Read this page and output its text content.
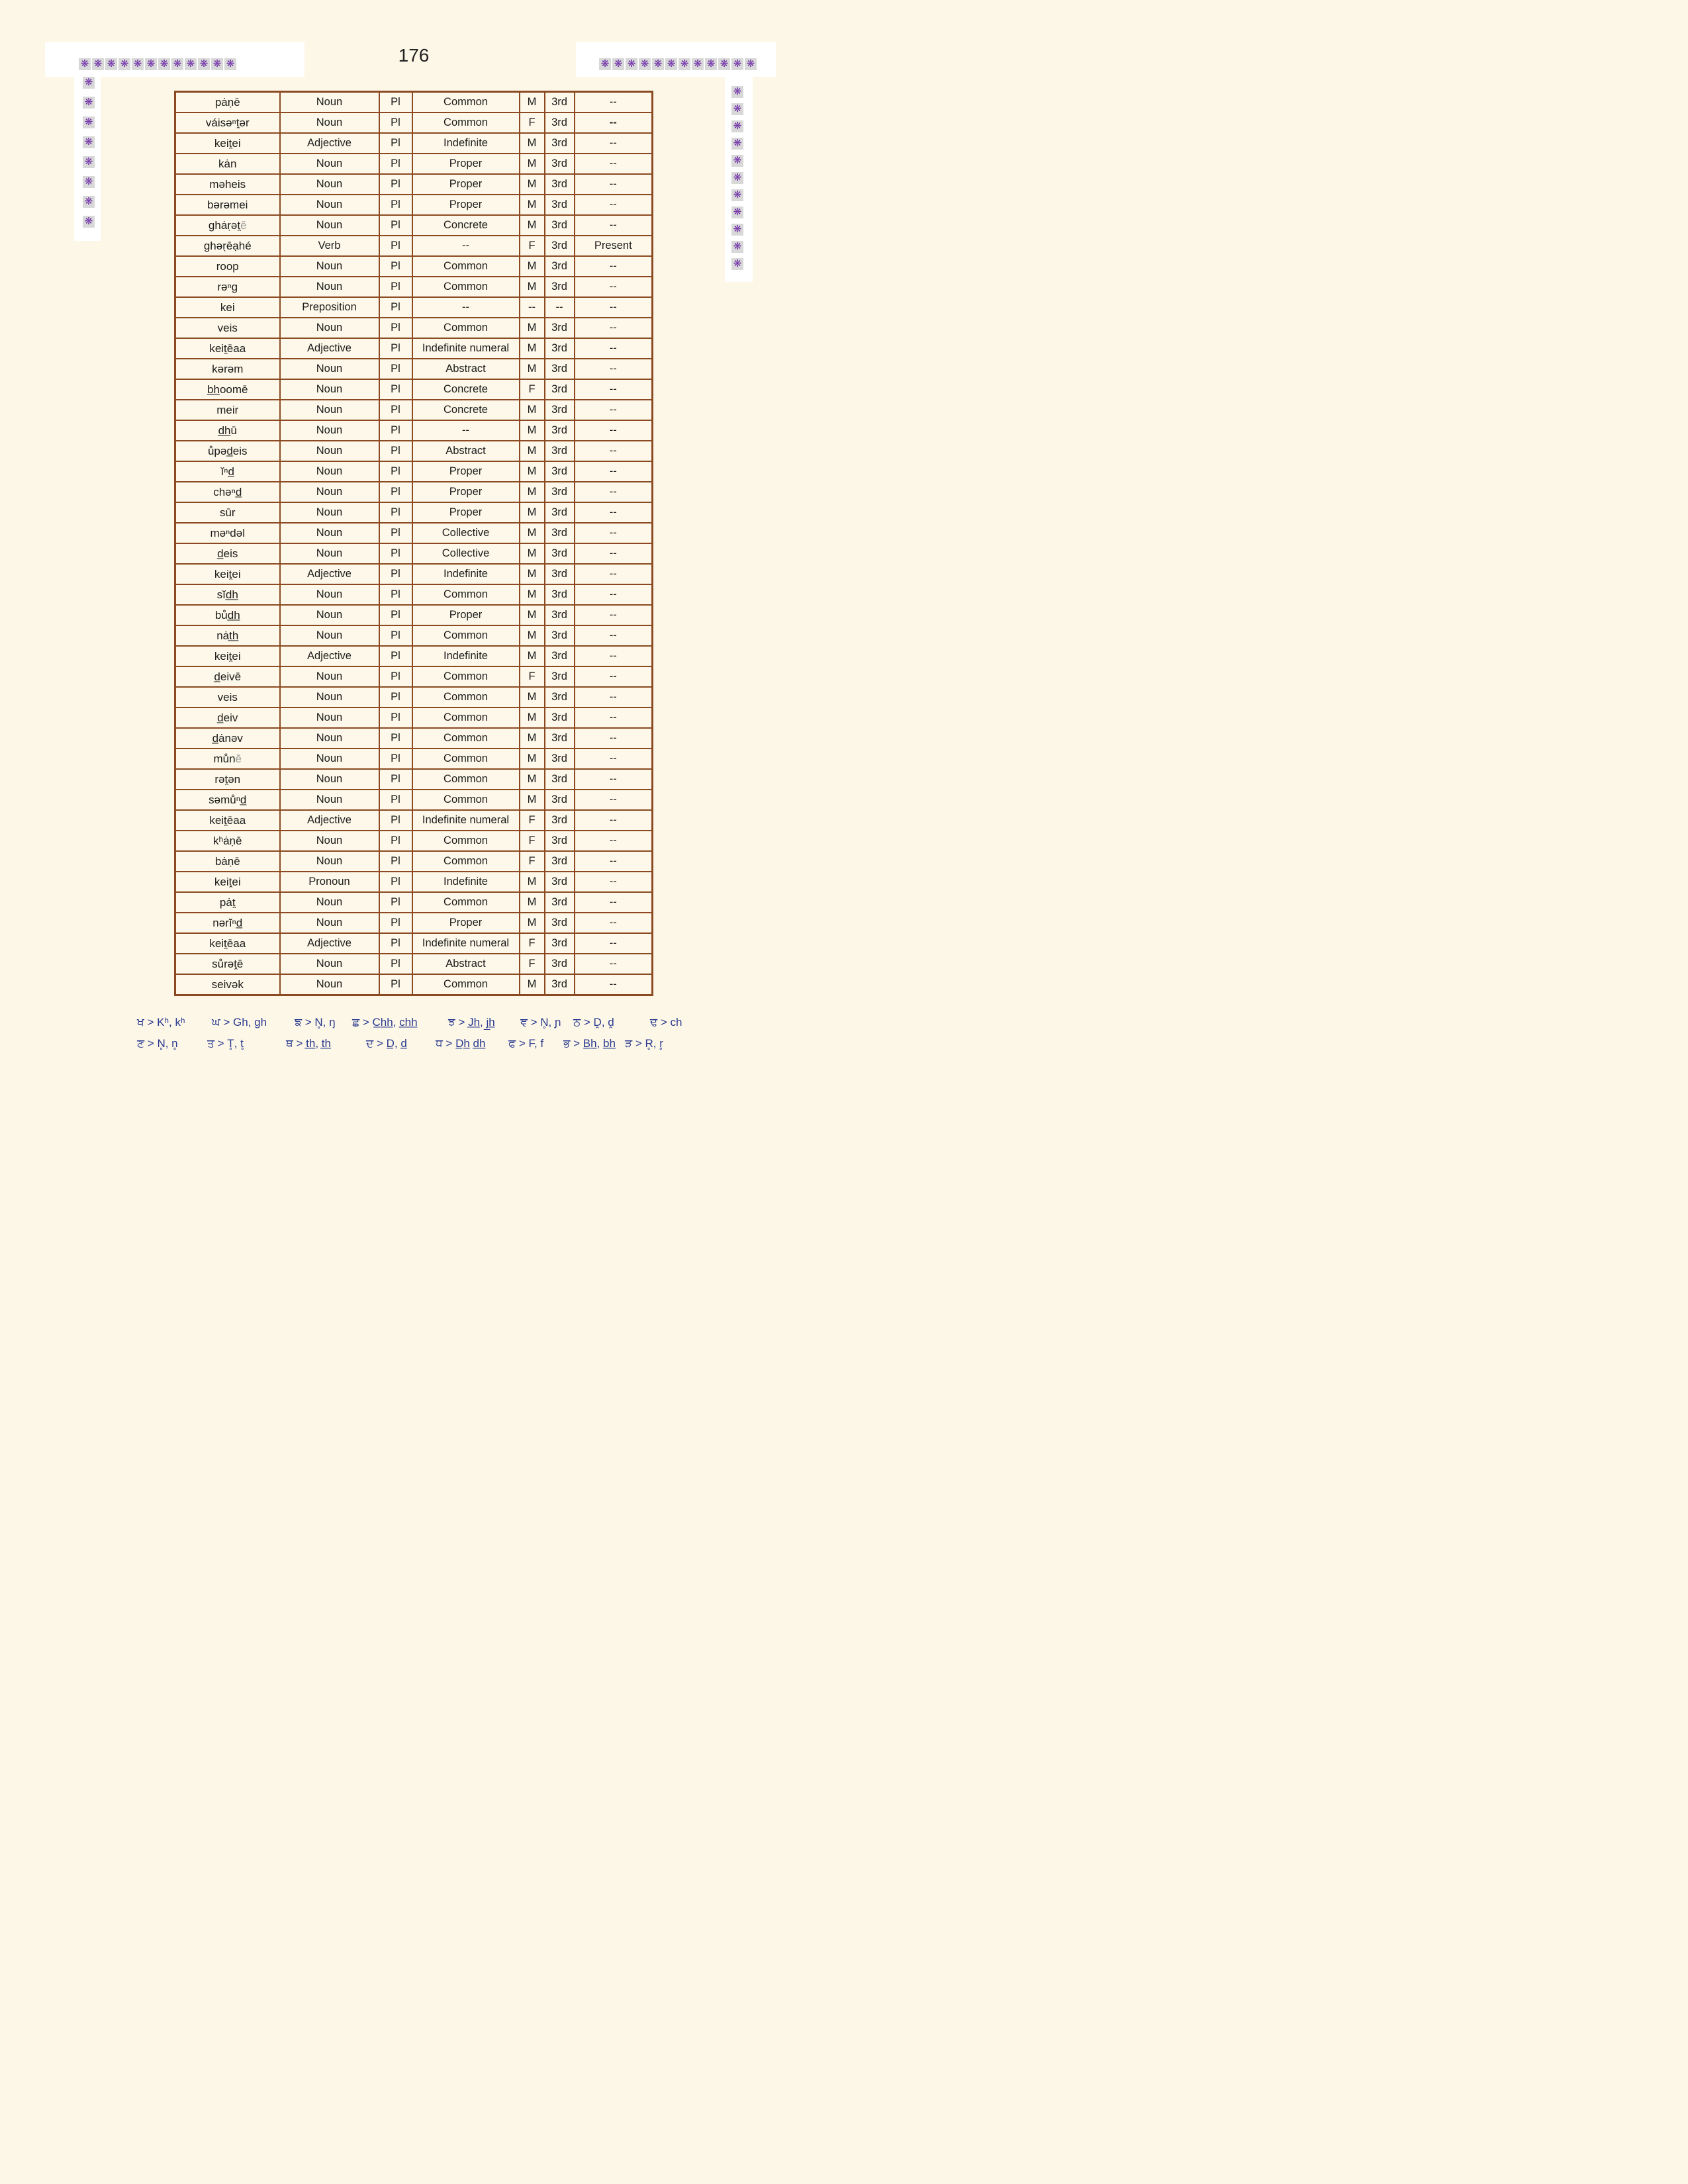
176
❋ ❋ ❋ ❋ ❋ ❋ ❋ ❋ ❋ ❋ ❋ ❋	❋ ❋ ❋ ❋ ❋ ❋ ❋ ❋ ❋ ❋ ❋ ❋
❋
❋
❋
❋
❋
❋
❋
❋
❋
❋
❋
❋
❋
❋
❋
❋
❋
❋
❋
pȧṇē	Noun	Pl	Common	M	3rd	--
váisəⁿt̯ər	Noun	Pl	Common	F	3rd	--
keit̯ei	Adjective	Pl	Indefinite	M	3rd	--
kȧn	Noun	Pl	Proper	M	3rd	--
məheis	Noun	Pl	Proper	M	3rd	--
bərəmei	Noun	Pl	Proper	M	3rd	--
ghȧṛət̯ĕ	Noun	Pl	Concrete	M	3rd	--
ghəṛēạhé	Verb	Pl	--	F	3rd	Present
roop	Noun	Pl	Common	M	3rd	--
rəⁿg	Noun	Pl	Common	M	3rd	--
kei	Preposition	Pl	--	--	--	--
veis	Noun	Pl	Common	M	3rd	--
keit̯ēaa	Adjective	Pl	Indefinite numeral	M	3rd	--
kərəm	Noun	Pl	Abstract	M	3rd	--
b̲h̲oomē	Noun	Pl	Concrete	F	3rd	--
meir	Noun	Pl	Concrete	M	3rd	--
d̲h̲ū	Noun	Pl	--	M	3rd	--
ůpəd̲eis	Noun	Pl	Abstract	M	3rd	--
ĭⁿd̲	Noun	Pl	Proper	M	3rd	--
chəⁿd̲	Noun	Pl	Proper	M	3rd	--
sūr	Noun	Pl	Proper	M	3rd	--
məⁿdəl	Noun	Pl	Collective	M	3rd	--
d̲eis	Noun	Pl	Collective	M	3rd	--
keit̯ei	Adjective	Pl	Indefinite	M	3rd	--
sĭd̲h̲	Noun	Pl	Common	M	3rd	--
bůd̲h̲	Noun	Pl	Proper	M	3rd	--
nȧt̲h̲	Noun	Pl	Common	M	3rd	--
keit̯ei	Adjective	Pl	Indefinite	M	3rd	--
d̲eivē	Noun	Pl	Common	F	3rd	--
veis	Noun	Pl	Common	M	3rd	--
d̲eiv	Noun	Pl	Common	M	3rd	--
d̲ȧnəv	Noun	Pl	Common	M	3rd	--
můnĕ	Noun	Pl	Common	M	3rd	--
rət̯ən	Noun	Pl	Common	M	3rd	--
səmůⁿd̲	Noun	Pl	Common	M	3rd	--
keit̯ēaa	Adjective	Pl	Indefinite numeral	F	3rd	--
kʰȧṇē	Noun	Pl	Common	F	3rd	--
bȧṇē	Noun	Pl	Common	F	3rd	--
keit̯ei	Pronoun	Pl	Indefinite	M	3rd	--
pȧt̯	Noun	Pl	Common	M	3rd	--
nərĭⁿd̲	Noun	Pl	Proper	M	3rd	--
keit̯ēaa	Adjective	Pl	Indefinite numeral	F	3rd	--
sůrət̯ē	Noun	Pl	Abstract	F	3rd	--
seivək	Noun	Pl	Common	M	3rd	--
ਖ > Kʰ, kʰ ਘ > Gh, gh ਙ > N̥, ŋ ਛ > C̲h̲h̲, c̲h̲h̲	ਝ > J̲h̲, j̲h̲ ਞ > N̥, ɲ ਠ > Ḓ, ḓ	ਢ > ch
ਣ > N̥, n̥	ਤ > T̥, t̥	ਥ > t̲h̲, t̲h̲	ਦ > D̲, d̲	ਧ > D̲h̲ d̲h̲ ਫ > F, f ਭ > B̲h̲, b̲h̲ ੜ > R̥, r̥
